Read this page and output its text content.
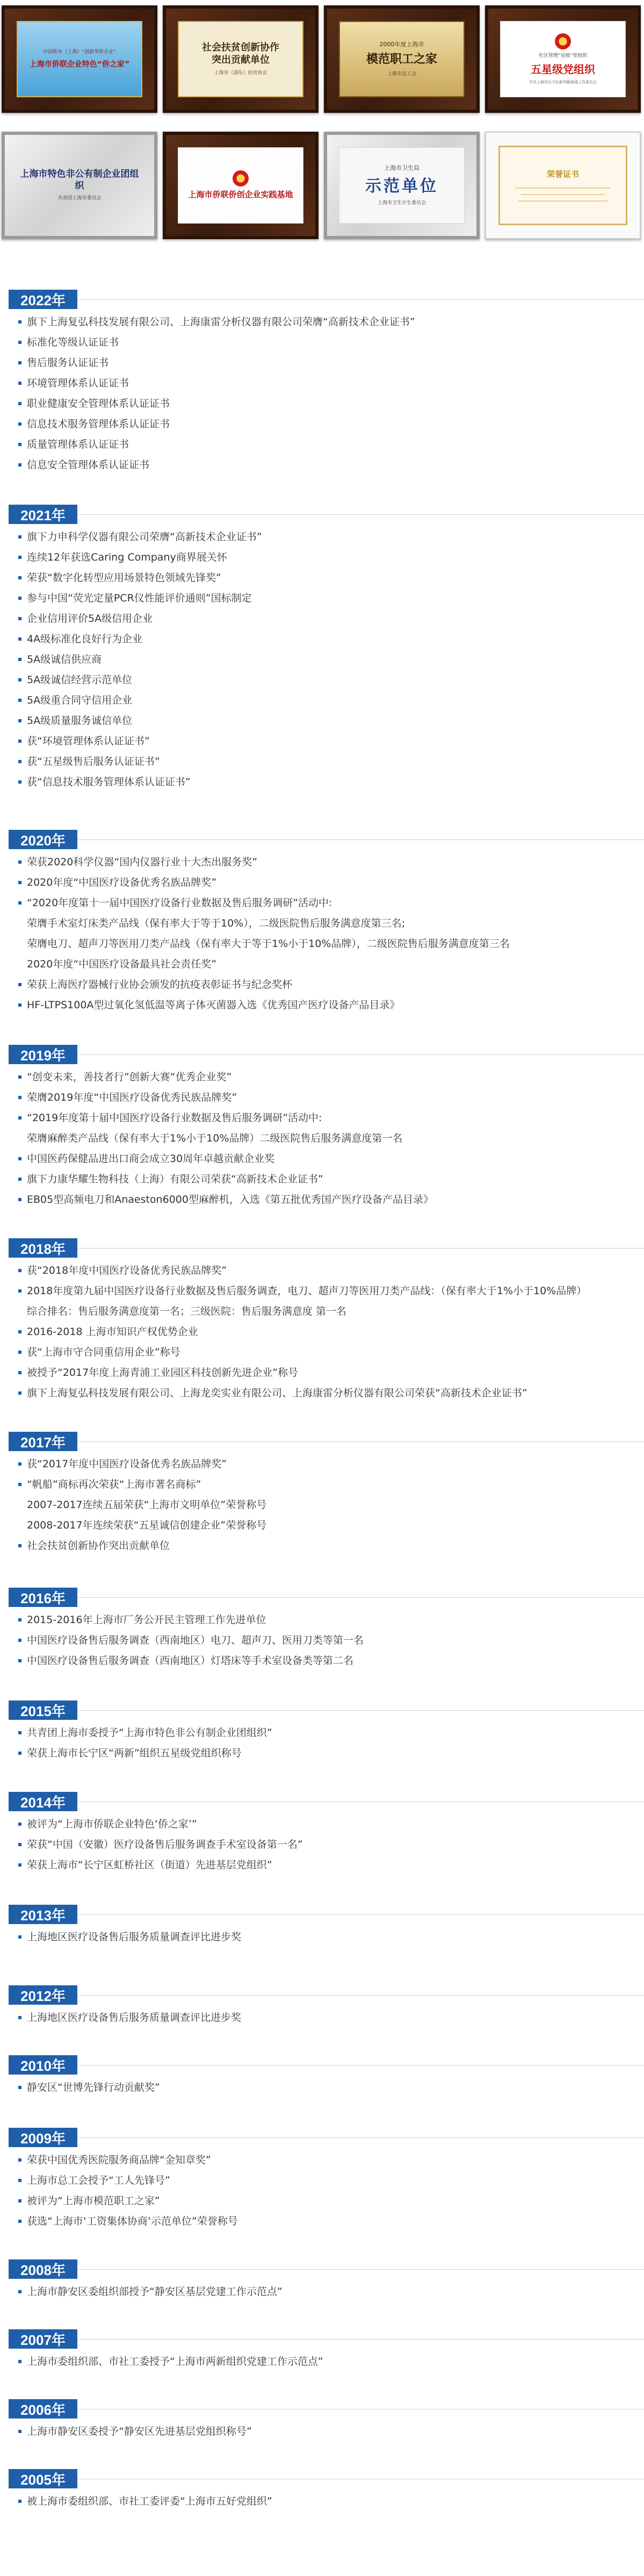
中国侨乡（上海）“创新华侨企业”
上海市侨联企业特色“侨之家”
社会扶贫创新协作
突出贡献单位
上海市（浦东）扶贫协会
2000年度上海市
模范职工之家
上海市总工会
社区管理“星级”党组织
五星级党组织
中共上海市长宁区新华路街道工作委员会
上海市特色非公有制企业团组织
共青团上海市委员会	上海市侨联侨创企业实践基地
上海市卫生局
示范单位
上海市卫生计生委员会
荣誉证书
2022年
旗下上海复弘科技发展有限公司、上海康雷分析仪器有限公司荣膺“高新技术企业证书”
标准化等级认证证书
售后服务认证证书
环境管理体系认证证书
职业健康安全管理体系认证证书
信息技术服务管理体系认证证书
质量管理体系认证证书
信息安全管理体系认证证书
2021年
旗下力申科学仪器有限公司荣膺“高新技术企业证书”
连续12年获选Caring Company商界展关怀
荣获“数字化转型应用场景特色领域先锋奖”
参与中国“荧光定量PCR仪性能评价通则”国标制定
企业信用评价5A级信用企业
4A级标准化良好行为企业
5A级诚信供应商
5A级诚信经营示范单位
5A级重合同守信用企业
5A级质量服务诚信单位
获“环境管理体系认证证书”
获“五星级售后服务认证证书”
获“信息技术服务管理体系认证证书”
2020年
荣获2020科学仪器“国内仪器行业十大杰出服务奖”
2020年度“中国医疗设备优秀名族品牌奖”
“2020年度第十一届中国医疗设备行业数据及售后服务调研”活动中:
荣膺手术室灯床类产品线（保有率大于等于10%），二级医院售后服务满意度第三名;
荣膺电刀、超声刀等医用刀类产品线（保有率大于等于1%小于10%品牌），二级医院售后服务满意度第三名
2020年度“中国医疗设备最具社会责任奖”
荣获上海医疗器械行业协会颁发的抗疫表彰证书与纪念奖杯
HF-LTPS100A型过氧化氢低温等离子体灭菌器入选《优秀国产医疗设备产品目录》
2019年
“创变未来，善技者行”创新大赛“优秀企业奖”
荣膺2019年度“中国医疗设备优秀民族品牌奖”
“2019年度第十届中国医疗设备行业数据及售后服务调研”活动中:
荣膺麻醉类产品线（保有率大于1%小于10%品牌）二级医院售后服务满意度第一名
中国医药保健品进出口商会成立30周年卓越贡献企业奖
旗下力康华耀生物科技（上海）有限公司荣获“高新技术企业证书”
EB05型高频电刀和Anaeston6000型麻醉机，入选《第五批优秀国产医疗设备产品目录》
2018年
获“2018年度中国医疗设备优秀民族品牌奖”
2018年度第九届中国医疗设备行业数据及售后服务调查，电刀、超声刀等医用刀类产品线：（保有率大于1%小于10%品牌）
综合排名：售后服务满意度第一名；三级医院：售后服务满意度 第一名
2016-2018 上海市知识产权优势企业
获“上海市守合同重信用企业”称号
被授予“2017年度上海青浦工业园区科技创新先进企业”称号
旗下上海复弘科技发展有限公司、上海龙奕实业有限公司、上海康雷分析仪器有限公司荣获“高新技术企业证书”
2017年
获“2017年度中国医疗设备优秀名族品牌奖”
“帆船”商标再次荣获“上海市著名商标”
2007-2017连续五届荣获“上海市文明单位”荣誉称号
2008-2017年连续荣获“五星诚信创建企业”荣誉称号
社会扶贫创新协作突出贡献单位
2016年
2015-2016年上海市厂务公开民主管理工作先进单位
中国医疗设备售后服务调查（西南地区）电刀、超声刀、医用刀类等第一名
中国医疗设备售后服务调查（西南地区）灯塔床等手术室设备类等第二名
2015年
共青团上海市委授予“上海市特色非公有制企业团组织”
荣获上海市长宁区“两新”组织五星级党组织称号
2014年
被评为“上海市侨联企业特色‘侨之家’”
荣获“中国（安徽）医疗设备售后服务调查手术室设备第一名”
荣获上海市“长宁区虹桥社区（街道）先进基层党组织”
2013年
上海地区医疗设备售后服务质量调查评比进步奖
2012年
上海地区医疗设备售后服务质量调查评比进步奖
2010年
静安区“世博先锋行动贡献奖”
2009年
荣获中国优秀医院服务商品牌“金知章奖”
上海市总工会授予“工人先锋号”
被评为“上海市模范职工之家”
获选“上海市‘工资集体协商’示范单位”荣誉称号
2008年
上海市静安区委组织部授予“静安区基层党建工作示范点”
2007年
上海市委组织部、市社工委授予“上海市两新组织党建工作示范点”
2006年
上海市静安区委授予“静安区先进基层党组织称号”
2005年
被上海市委组织部、市社工委评委“上海市五好党组织”
